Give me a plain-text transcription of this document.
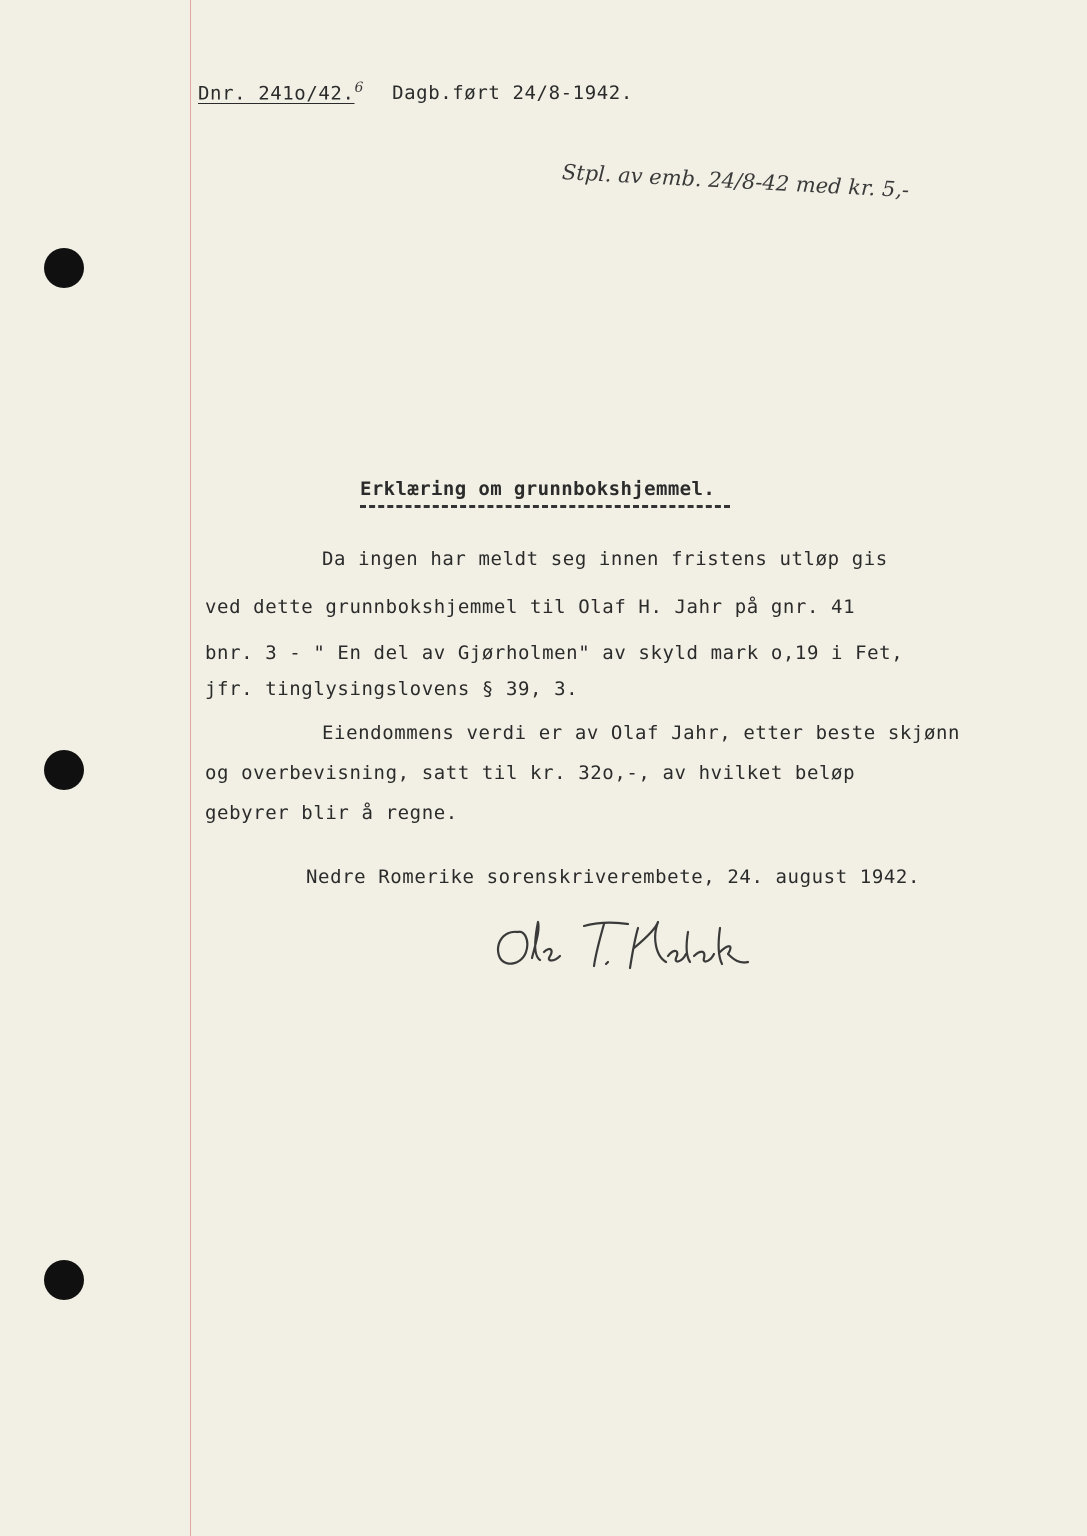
Dnr. 241o/42.$^6$ Dagb.ført 24/8-1942.
Stpl. av emb. 24/8-42 med kr. 5,-
Erklæring om grunnbokshjemmel.
Da ingen har meldt seg innen fristens utløp gis
ved dette grunnbokshjemmel til Olaf H. Jahr på gnr. 41
bnr. 3 - " En del av Gjørholmen" av skyld mark o,19 i Fet,
jfr. tinglysingslovens § 39, 3.
Eiendommens verdi er av Olaf Jahr, etter beste skjønn
og overbevisning, satt til kr. 32o,-, av hvilket beløp
gebyrer blir å regne.
Nedre Romerike sorenskriverembete, 24. august 1942.
